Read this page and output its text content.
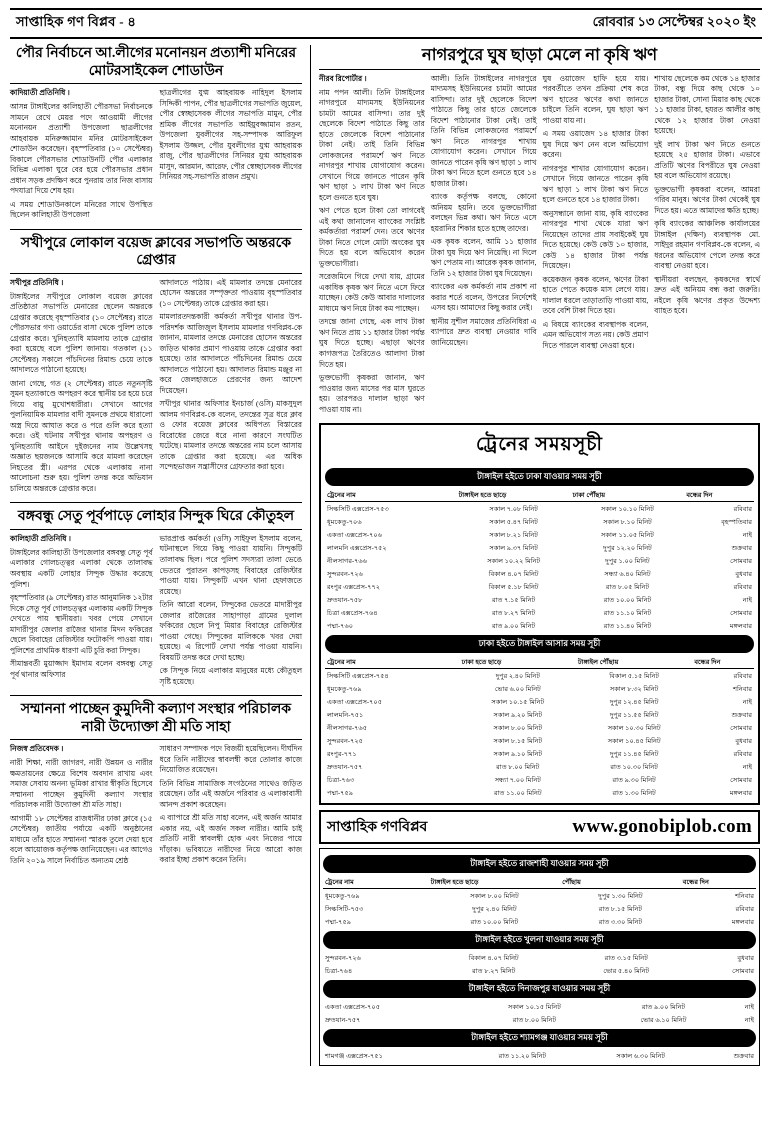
সাপ্তাহিক গণ বিপ্লব - ৪	রোববার ১৩ সেপ্টেম্বর ২০২০ ইং
পৌর নির্বাচনে আ.লীগের মনোনয়ন প্রত্যাশী মনিরের মোটরসাইকেল শোডাউন
কাদিয়াতী প্রতিনিধি ।

আসন্ন টাঙ্গাইলের কালিহাতী পৌরসভা নির্বাচনকে সামনে রেখে মেয়র পদে আওয়ামী লীগের মনোনয়ন প্রত্যাশী উপজেলা ছাত্রলীগের আহবায়ক মনিরুজ্জামান মনির মোটরসাইকেল শোডাউন করেছেন। বৃহস্পতিবার (১০ সেপ্টেম্বর) বিকালে পৌরসভার শোডাউনটি পৌর এলাকার বিভিন্ন এলাকা ঘুরে বের হয়ে পৌরসভার প্রধান প্রধান সড়ক প্রদক্ষিণ করে পুনরায় তার নিজ বাসায় পদযাত্রা দিয়ে শেষ হয়।

এ সময় শোডাউনকালে মনিরের সাথে উপস্থিত ছিলেন কালিহাতী উপজেলা

ছাত্রলীগের যুগ্ম আহবায়ক নাহিদুল ইসলাম সিদ্দিকী পাপন, পৌর ছাত্রলীগের সভাপতি জুয়েল, পৌর স্বেচ্ছাসেবক লীগের সভাপতি মামুন, পৌর শ্রমিক লীগের সভাপতি আইয়ুবজ্জামান রতন, উপজেলা যুবলীগের সহ-সম্পাদক আরিফুল ইসলাম উজ্জল, পৌর যুবলীগের যুগ্ম আহবায়ক রাজু, পৌর ছাত্রলীগের সিনিয়র যুগ্ম আহবায়ক মাসুদ, আরমান, আরেফ, পৌর স্বেচ্ছাসেবক লীগের সিনিয়র সহ-সভাপতি রাজন প্রমুখ।

সখীপুরে লোকাল বয়েজ ক্লাবের সভাপতি অন্তরকে গ্রেপ্তার
সখীপুর প্রতিনিধি ।

টাঙ্গাইলের সখীপুরে লোকাল বয়েজ ক্লাবের প্রতিষ্ঠাতা সভাপতি মেনারের ছেলেন অন্তরকে গ্রেপ্তার করেছে বৃহস্পতিবার (১০ সেপ্টেম্বর) রাতে পৌরসভার গণ্য ওয়ার্ডের বাসা থেকে পুলিশ তাকে গ্রেপ্তার করে। খুনিহত্যাধি মামলায় তাকে গ্রেপ্তার করা হয়েছে বলে পুলিশ জানায়। গতকাল (১১ সেপ্টেম্বর) সকালে পাঁচদিনের রিমান্ড চেয়ে তাকে আদালতে পাঠানো হয়েছে।

জানা গেছে, গত (২ সেপ্টেম্বর) রাতে নতুনসৃষ্টি সুমন হত্যাকাণ্ডে অপহরণ করে স্থানীয় চর হয়ে চরে গিয়ে বায়ু মুখোশধারীরা। সেখানে আগের পুলনিয়ামিক মামলার বাদী সুমনকে প্রথমে ধারালো অস্ত্র দিয়ে আঘাত করে ও পরে গুলি করে হত্যা করে। ওই ঘটনায় সখীপুর থানায় অপহরণ ও খুনিহত্যাধি আইনে দুইজনের নাম উল্লেখসহ অজ্ঞাত ছয়জনকে আসামি করে মামলা করেছেন নিহতের স্ত্রী। এরপর থেকে এলাকায় নানা আলোচনা শুরু হয়। পুলিশ তদন্ত করে অভিযান চালিয়ে অন্তরকে গ্রেপ্তার করে।

আদালতে পাঠায়। এই মামলার তদন্তে মেনারের হোসেন অন্তরের সম্পৃক্ততা পাওয়ায় বৃহস্পতিবার (১০ সেপ্টেম্বর) তাকে গ্রেপ্তার করা হয়।

মামলারতদন্তকারী কর্মকর্তা সখীপুর থানার উপ-পরিদর্শক আজিজুল ইসলাম মামলার গণবিপ্লব-কে জানান, মামলার তদন্তে মেনারের হোসেন অন্তরের জড়িত থাকার প্রমাণ পাওয়ায় তাকে গ্রেপ্তার করা হয়েছে। তার আদালতে পাঁচদিনের রিমান্ড চেয়ে আদালতে পাঠানো হয়। আদালত রিমান্ড মঞ্জুর না করে জেলহাজতে প্রেরণের জন্য আদেশ দিয়েছেন।

সখীপুর থানার অফিসার ইনচার্জ (ওসি) মাকসুদুল আলম গণবিপ্লব-কে বলেন, তদন্তের সূত্র ধরে ক্লাব ও ফোর বয়েজ ক্লাবের অধিপত্য বিস্তারের বিরোধের জেরে ধরে নানা কারণে সংঘটিত ঘটেছে। মামলার তদন্তে অন্তরের নাম চলে আসায় তাকে গ্রেপ্তার করা হয়েছে। এর অধিক সন্দেহভাজন সন্ত্রাসীদের গ্রেফতার করা হবে।

বঙ্গবন্ধু সেতু পূর্বপাড়ে লোহার সিন্দুক ঘিরে কৌতুহল
কালিহাতী প্রতিনিধি ।

টাঙ্গাইলের কালিহাতী উপজেলার বঙ্গবন্ধু সেতু পূর্ব এলাকার গোলচত্ত্বর এলাকা থেকে তালাবদ্ধ অবস্থায় একটি লোহার সিন্দুক উদ্ধার করেছে পুলিশ।

বৃহস্পতিবার (৯ সেপ্টেম্বর) রাত আনুমানিক ১২টার দিকে সেতু পূর্ব গোলচত্ত্বর এলাকায় একটি সিন্দুক দেখতে পায় স্থানীয়রা। খবর পেয়ে সেখানে মাদারীপুর জেলার রাজৈর থানার মিদন ফকিরের ছেলে বিবাহের রেজিস্টার ফটোকপি পাওয়া যায়। পুলিশের প্রাথমিক ধারণা এটি চুরি করা সিন্দুক।

সীমান্তবর্তী মুয়াজ্জাদ ইমাদাম বলেন বঙ্গবন্ধু সেতু পূর্ব থানার অফিসার

ভারপ্রাপ্ত কর্মকর্তা (ওসি) সাইফুল ইসলাম বলেন, ঘটনাস্থলে গিয়ে কিছু পাওয়া যায়নি। সিন্দুকটি তালাবদ্ধ ছিল। পরে পুলিশ সদস্যরা তালা ভেঙে ভেতরে পুরাতন কাপড়সহ বিবাহের রেজিস্টার পাওয়া যায়। সিন্দুকটি এখন থানা হেফাজতে রয়েছে।

তিনি আরো বলেন, সিন্দুকের ভেতরে মাদারীপুর জেলার রাজৈরের সাহাপাড়া গ্রামের দুলাল ফকিরের ছেলে নিপু মিয়ার বিবাহের রেজিস্টার পাওয়া গেছে। সিন্দুকের মালিককে খবর দেয়া হয়েছে। এ রিপোর্ট লেখা পর্যন্ত পাওয়া যায়নি। বিষয়টি তদন্ত করে দেখা হচ্ছে।

কে সিন্দুক নিয়ে এলাকার মানুষের মধ্যে কৌতুহল সৃষ্টি হয়েছে।

সম্মাননা পাচ্ছেন কুমুদিনী কল্যাণ সংস্থার পরিচালক নারী উদ্যোক্তা শ্রী মতি সাহা
নিজস্ব প্রতিবেদক ।

নারী শিক্ষা, নারী জাগরণ, নারী উন্নয়ন ও নারীর ক্ষমতায়নের ক্ষেত্রে বিশেষ অবদান রাখায় এবং সমাজ সেবায় অনন্য ভূমিকা রাখার স্বীকৃতি হিসেবে সম্মাননা পাচ্ছেন কুমুদিনী কল্যাণ সংস্থার পরিচালক নারী উদ্যোক্তা শ্রী মতি সাহা।

আগামী ১৮ সেপ্টেম্বর রাজধানীর ঢাকা ক্লাবে (১৫ সেপ্টেম্বর) জাতীয় পর্যায়ে একটি অনুষ্ঠানের মাধ্যমে তাঁর হাতে সম্মাননা স্মারক তুলে দেয়া হবে বলে আয়োজক কর্তৃপক্ষ জানিয়েছেন। এর আগেও তিনি ২০১৯ সালে নির্বাচিত অন্যতম শ্রেষ্ঠ

সাধারণ সম্পাদক পদে বিজয়ী হয়েছিলেন। দীর্ঘদিন ধরে তিনি নারীদের স্বাবলম্বী করে তোলার কাজে নিয়োজিত রয়েছেন।

তিনি বিভিন্ন সামাজিক সংগঠনের সাথেও জড়িত রয়েছেন। তাঁর এই অর্জনে পরিবার ও এলাকাবাসী আনন্দ প্রকাশ করেছেন।

এ ব্যাপারে শ্রী মতি সাহা বলেন, এই অর্জন আমার একার নয়, এই অর্জন সকল নারীর। আমি চাই প্রতিটি নারী স্বাবলম্বী হোক এবং নিজের পায়ে দাঁড়াক। ভবিষ্যতে নারীদের নিয়ে আরো কাজ করার ইচ্ছা প্রকাশ করেন তিনি।

নাগরপুরে ঘুষ ছাড়া মেলে না কৃষি ঋণ
নীরব রিপোর্টার ।

নাম পপন আলী। তিনি টাঙ্গাইলের নাগরপুরে মাদ্যমসহ ইউনিয়নের চামটা আমের বাসিন্দা। তার দুই ছেলেকে বিদেশ পাঠাতে কিছু তার হাতে জেলেকে বিদেশ পাঠানোর টাকা নেই। তাই তিনি বিভিন্ন লোকজনের পরামর্শে ঋণ নিতে নাগরপুর শাখায় যোগাযোগ করেন। সেখানে গিয়ে জানতে পারেন কৃষি ঋণ ছাড়া ১ লাখ টাকা ঋণ নিতে হলে গুনতে হবে ঘুষ।

ঋণ পেতে হলে টাকা তো লাগবেই এই কথা জানালেন ব্যাংকের সংশ্লিষ্ট কর্মকর্তারা পরামর্শ দেন। তবে ঋণের টাকা নিতে গেলে মোটা অংকের ঘুষ দিতে হয় বলে অভিযোগ করেন ভুক্তভোগীরা।

সরেজমিনে গিয়ে দেখা যায়, গ্রামের একাধিক কৃষক ঋণ নিতে এসে ফিরে যাচ্ছেন। কেউ কেউ আবার দালালের মাধ্যমে ঋণ নিয়ে টাকা কম পাচ্ছেন।

তদন্তে জানা গেছে, এক লাখ টাকা ঋণ নিতে প্রায় ১১ হাজার টাকা পর্যন্ত ঘুষ দিতে হচ্ছে। এছাড়া ঋণের কাগজপত্র তৈরিতেও আলাদা টাকা দিতে হয়।

ভুক্তভোগী কৃষকরা জানান, ঋণ পাওয়ার জন্য মাসের পর মাস ঘুরতে হয়। তারপরও দালাল ছাড়া ঋণ পাওয়া যায় না।

আলী। তিনি টাঙ্গাইলের নাগরপুরে মাদ্যমসহ ইউনিয়নের চামটা আমের বাসিন্দা। তার দুই ছেলেকে বিদেশ পাঠাতে কিছু তার হাতে জেলেকে বিদেশ পাঠানোর টাকা নেই। তাই তিনি বিভিন্ন লোকজনের পরামর্শে ঋণ নিতে নাগরপুর শাখায় যোগাযোগ করেন। সেখানে গিয়ে জানতে পারেন কৃষি ঋণ ছাড়া ১ লাখ টাকা ঋণ নিতে হলে গুনতে হবে ১৪ হাজার টাকা।

ব্যাংক কর্তৃপক্ষ বলছে, কোনো অনিয়ম হয়নি। তবে ভুক্তভোগীরা বলছেন ভিন্ন কথা। ঋণ নিতে এসে হয়রানির শিকার হতে হচ্ছে তাদের।

এক কৃষক বলেন, আমি ১১ হাজার টাকা ঘুষ দিয়ে ঋণ নিয়েছি। না দিলে ঋণ পেতাম না। আরেক কৃষক জানান, তিনি ১২ হাজার টাকা ঘুষ দিয়েছেন।

ব্যাংকের এক কর্মকর্তা নাম প্রকাশ না করার শর্তে বলেন, উপরের নির্দেশেই এসব হয়। আমাদের কিছু করার নেই।

স্থানীয় সুশীল সমাজের প্রতিনিধিরা এ ব্যাপারে দ্রুত ব্যবস্থা নেওয়ার দাবি জানিয়েছেন।

ঘুষ ওয়াজেদ হাফি হয়ে যায়। পরবর্তীতে তখন প্রক্রিয়া শেষ করে ঋণ হাতের ঋণের কথা জানতে চাইলে তিনি বলেন, ঘুষ ছাড়া ঋণ পাওয়া যায় না।

এ সময় ওয়াজেদ ১৪ হাজার টাকা ঘুষ দিয়ে ঋণ নেন বলে অভিযোগ করেন।

নাগরপুর শাখার যোগাযোগ করেন। সেখানে গিয়ে জানতে পারেন কৃষি ঋণ ছাড়া ১ লাখ টাকা ঋণ নিতে হলে গুনতে হবে ১৪ হাজার টাকা।

অনুসন্ধানে জানা যায়, কৃষি ব্যাংকের নাগরপুর শাখা থেকে যারা ঋণ নিয়েছেন তাদের প্রায় সবাইকেই ঘুষ দিতে হয়েছে। কেউ কেউ ১০ হাজার, কেউ ১৪ হাজার টাকা পর্যন্ত দিয়েছেন।

কয়েকজন কৃষক বলেন, ঋণের টাকা হাতে পেতে কয়েক মাস লেগে যায়। দালাল ধরলে তাড়াতাড়ি পাওয়া যায়, তবে বেশি টাকা দিতে হয়।

এ বিষয়ে ব্যাংকের ব্যবস্থাপক বলেন, এমন অভিযোগ সত্য নয়। কেউ প্রমাণ দিতে পারলে ব্যবস্থা নেওয়া হবে।

শাখায় ছেলেকে কম থেকে ১৪ হাজার টাকা, বন্ধু দিয়ে কাছ থেকে ১০ হাজার টাকা, সোনা মিয়ার কাছ থেকে ১১ হাজার টাকা, হযরত আলীর কাছ থেকে ১২ হাজার টাকা নেওয়া হয়েছে।

দুই লাখ টাকা ঋণ নিতে গুনতে হয়েছে ২৫ হাজার টাকা। এভাবে প্রতিটি ঋণের বিপরীতে ঘুষ নেওয়া হয় বলে অভিযোগ রয়েছে।

ভুক্তভোগী কৃষকরা বলেন, আমরা গরিব মানুষ। ঋণের টাকা থেকেই ঘুষ দিতে হয়। এতে আমাদের ক্ষতি হচ্ছে।

কৃষি ব্যাংকের আঞ্চলিক কার্যালয়ের টাঙ্গাইল (দক্ষিণ) ব্যবস্থাপক মো. সাইদুর রহমান গণবিপ্লব-কে বলেন, এ ধরনের অভিযোগ পেলে তদন্ত করে ব্যবস্থা নেওয়া হবে।

স্থানীয়রা বলছেন, কৃষকদের স্বার্থে দ্রুত এই অনিয়ম বন্ধ করা জরুরি। নইলে কৃষি ঋণের প্রকৃত উদ্দেশ্য ব্যাহত হবে।

ট্রেনের সময়সূচী
টাঙ্গাইল হইতে ঢাকা যাওয়ার সময় সূচী
ট্রেনের নাম	টাঙ্গাইল হতে ছাড়ে	ঢাকা পৌঁছায়	বন্ধের দিন
সিল্কসিটি এক্সপ্রেস-৭৫৩	সকাল ৭.০৮ মিনিট	সকাল ১০.১০ মিনিট	রবিবার
ধূমকেতু-৭০৬	সকাল ৫.৪৭ মিনিট	সকাল ৮.১০ মিনিট	বৃহস্পতিবার
একতা এক্সপ্রেস-৭০৬	সকাল ৮.২১ মিনিট	সকাল ১১.০৫ মিনিট	নাই
লালমনি এক্সপ্রেস-৭৫২	সকাল ৯.৩৭ মিনিট	দুপুর ১২.২০ মিনিট	শুক্রবার
নীলসাগর-৭৬৬	সকাল ১০.২২ মিনিট	দুপুর ১.০০ মিনিট	সোমবার
সুন্দরবন-৭২৬	বিকাল ৪.০৭ মিনিট	সন্ধ্যা ৬.৪০ মিনিট	বুধবার
রংপুর এক্সপ্রেস-৭৭২	বিকাল ৫.১৮ মিনিট	রাত ৮.০৫ মিনিট	রবিবার
দ্রুতযান-৭৫৮	রাত ৭.১৫ মিনিট	রাত ১০.০০ মিনিট	নাই
চিত্রা এক্সপ্রেস-৭৬৪	রাত ৮.২৭ মিনিট	রাত ১১.১০ মিনিট	সোমবার
পদ্মা-৭৬০	রাত ৯.০০ মিনিট	রাত ১১.৪০ মিনিট	মঙ্গলবার
ঢাকা হইতে টাঙ্গাইল আসার সময় সূচী
ট্রেনের নাম	ঢাকা হতে ছাড়ে	টাঙ্গাইল পৌঁছায়	বন্ধের দিন
সিল্কসিটি এক্সপ্রেস-৭৫৪	দুপুর ২.৪০ মিনিট	বিকাল ৫.১৫ মিনিট	রবিবার
ধূমকেতু-৭৬৯	ভোর ৬.০০ মিনিট	সকাল ৮.৩২ মিনিট	শনিবার
একতা এক্সপ্রেস-৭০৫	সকাল ১০.১৫ মিনিট	দুপুর ১২.৪৫ মিনিট	নাই
লালমনি-৭৫১	সকাল ৯.২০ মিনিট	দুপুর ১১.৫৫ মিনিট	শুক্রবার
নীলসাগর-৭৬৫	সকাল ৮.০০ মিনিট	সকাল ১০.৩০ মিনিট	সোমবার
সুন্দরবন-৭২৫	সকাল ৮.১৫ মিনিট	সকাল ১০.৪৫ মিনিট	বুধবার
রংপুর-৭৭১	সকাল ৯.১০ মিনিট	দুপুর ১১.৪৫ মিনিট	রবিবার
দ্রুতযান-৭৫৭	রাত ৮.০০ মিনিট	রাত ১০.৩০ মিনিট	নাই
চিত্রা-৭৬৩	সন্ধ্যা ৭.০০ মিনিট	রাত ৯.৩০ মিনিট	সোমবার
পদ্মা-৭৫৯	রাত ১১.০০ মিনিট	রাত ১.৩০ মিনিট	মঙ্গলবার
সাপ্তাহিক গণবিপ্লব	www.gonobiplob.com
টাঙ্গাইল হইতে রাজশাহী যাওয়ার সময় সূচী
ট্রেনের নাম	টাঙ্গাইল হতে ছাড়ে	পৌঁছায়	বন্ধের দিন
ধূমকেতু-৭৬৯	সকাল ৮.০০ মিনিট	দুপুর ১.৩০ মিনিট	শনিবার
সিল্কসিটি-৭৫৩	দুপুর ২.৪০ মিনিট	রাত ৮.১৫ মিনিট	রবিবার
পদ্মা-৭৫৯	রাত ১০.০০ মিনিট	রাত ৩.৩০ মিনিট	মঙ্গলবার
টাঙ্গাইল হইতে খুলনা যাওয়ার সময় সূচী
সুন্দরবন-৭২৬	বিকাল ৪.০৭ মিনিট	রাত ৩.১৫ মিনিট	বুধবার
চিত্রা-৭৬৪	রাত ৮.২৭ মিনিট	ভোর ৫.৪০ মিনিট	সোমবার
টাঙ্গাইল হইতে দিনাজপুর যাওয়ার সময় সূচী
একতা এক্সপ্রেস-৭০৫	সকাল ১০.১৫ মিনিট	রাত ৯.০০ মিনিট	নাই
দ্রুতযান-৭৫৭	রাত ৮.০০ মিনিট	ভোর ৬.১০ মিনিট	নাই
টাঙ্গাইল হইতে শ্যামগঞ্জ যাওয়ার সময় সূচী
শামগঞ্জ এক্সপ্রেস-৭৫১	রাত ১১.২০ মিনিট	সকাল ৬.৩০ মিনিট	শুক্রবার
